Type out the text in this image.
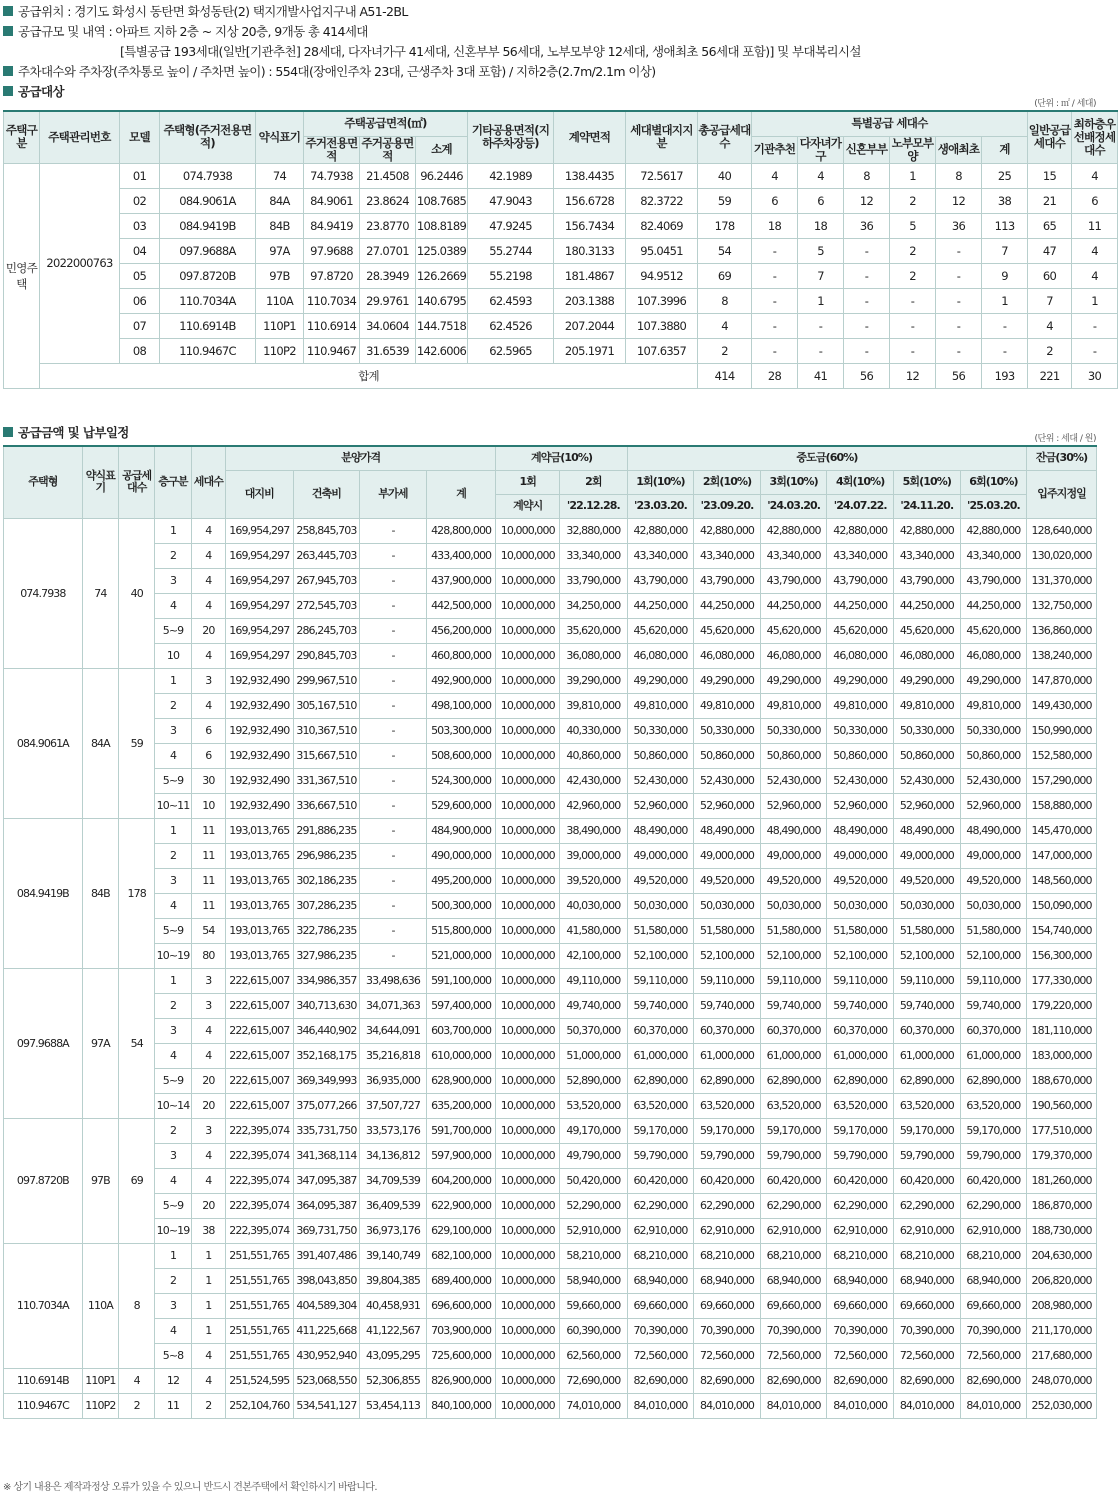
공급위치 : 경기도 화성시 동탄면 화성동탄(2) 택지개발사업지구내 A51-2BL
공급규모 및 내역 : 아파트 지하 2층 ~ 지상 20층, 9개동 총 414세대
[특별공급 193세대(일반[기관추천] 28세대, 다자녀가구 41세대, 신혼부부 56세대, 노부모부양 12세대, 생애최초 56세대 포함)] 및 부대복리시설
주차대수와 주차장(주차통로 높이 / 주차면 높이) : 554대(장애인주차 23대, 근생주차 3대 포함) / 지하2층(2.7m/2.1m 이상)
공급대상
(단위 : ㎡ / 세대)
주택구분	주택관리번호	모델	주택형(주거전용면적)	약식표기	주택공급면적(㎡)			기타공용면적(지하주차장등)	계약면적	세대별대지지분	총공급세대수	특별공급 세대수						일반공급세대수	최하층우선배정세대수
					주거전용면적	주거공용면적	소계					기관추천	다자녀가구	신혼부부	노부모부양	생애최초	계		
민영주택	2022000763	01	074.7938	74	74.7938	21.4508	96.2446	42.1989	138.4435	72.5617	40	4	4	8	1	8	25	15	4
		02	084.9061A	84A	84.9061	23.8624	108.7685	47.9043	156.6728	82.3722	59	6	6	12	2	12	38	21	6
		03	084.9419B	84B	84.9419	23.8770	108.8189	47.9245	156.7434	82.4069	178	18	18	36	5	36	113	65	11
		04	097.9688A	97A	97.9688	27.0701	125.0389	55.2744	180.3133	95.0451	54	-	5	-	2	-	7	47	4
		05	097.8720B	97B	97.8720	28.3949	126.2669	55.2198	181.4867	94.9512	69	-	7	-	2	-	9	60	4
		06	110.7034A	110A	110.7034	29.9761	140.6795	62.4593	203.1388	107.3996	8	-	1	-	-	-	1	7	1
		07	110.6914B	110P1	110.6914	34.0604	144.7518	62.4526	207.2044	107.3880	4	-	-	-	-	-	-	4	-
		08	110.9467C	110P2	110.9467	31.6539	142.6006	62.5965	205.1971	107.6357	2	-	-	-	-	-	-	2	-
	합계										414	28	41	56	12	56	193	221	30
공급금액 및 납부일정	(단위 : 세대 / 원)
주택형	약식표기	공급세대수	층구분	세대수	분양가격				계약금(10%)		중도금(60%)						잔금(30%)
					대지비	건축비	부가세	계	1회	2회	1회(10%)	2회(10%)	3회(10%)	4회(10%)	5회(10%)	6회(10%)	입주지정일
									계약시	'22.12.28.	'23.03.20.	'23.09.20.	'24.03.20.	'24.07.22.	'24.11.20.	'25.03.20.	
074.7938	74	40	1	4	169,954,297	258,845,703	-	428,800,000	10,000,000	32,880,000	42,880,000	42,880,000	42,880,000	42,880,000	42,880,000	42,880,000	128,640,000
			2	4	169,954,297	263,445,703	-	433,400,000	10,000,000	33,340,000	43,340,000	43,340,000	43,340,000	43,340,000	43,340,000	43,340,000	130,020,000
			3	4	169,954,297	267,945,703	-	437,900,000	10,000,000	33,790,000	43,790,000	43,790,000	43,790,000	43,790,000	43,790,000	43,790,000	131,370,000
			4	4	169,954,297	272,545,703	-	442,500,000	10,000,000	34,250,000	44,250,000	44,250,000	44,250,000	44,250,000	44,250,000	44,250,000	132,750,000
			5~9	20	169,954,297	286,245,703	-	456,200,000	10,000,000	35,620,000	45,620,000	45,620,000	45,620,000	45,620,000	45,620,000	45,620,000	136,860,000
			10	4	169,954,297	290,845,703	-	460,800,000	10,000,000	36,080,000	46,080,000	46,080,000	46,080,000	46,080,000	46,080,000	46,080,000	138,240,000
084.9061A	84A	59	1	3	192,932,490	299,967,510	-	492,900,000	10,000,000	39,290,000	49,290,000	49,290,000	49,290,000	49,290,000	49,290,000	49,290,000	147,870,000
			2	4	192,932,490	305,167,510	-	498,100,000	10,000,000	39,810,000	49,810,000	49,810,000	49,810,000	49,810,000	49,810,000	49,810,000	149,430,000
			3	6	192,932,490	310,367,510	-	503,300,000	10,000,000	40,330,000	50,330,000	50,330,000	50,330,000	50,330,000	50,330,000	50,330,000	150,990,000
			4	6	192,932,490	315,667,510	-	508,600,000	10,000,000	40,860,000	50,860,000	50,860,000	50,860,000	50,860,000	50,860,000	50,860,000	152,580,000
			5~9	30	192,932,490	331,367,510	-	524,300,000	10,000,000	42,430,000	52,430,000	52,430,000	52,430,000	52,430,000	52,430,000	52,430,000	157,290,000
			10~11	10	192,932,490	336,667,510	-	529,600,000	10,000,000	42,960,000	52,960,000	52,960,000	52,960,000	52,960,000	52,960,000	52,960,000	158,880,000
084.9419B	84B	178	1	11	193,013,765	291,886,235	-	484,900,000	10,000,000	38,490,000	48,490,000	48,490,000	48,490,000	48,490,000	48,490,000	48,490,000	145,470,000
			2	11	193,013,765	296,986,235	-	490,000,000	10,000,000	39,000,000	49,000,000	49,000,000	49,000,000	49,000,000	49,000,000	49,000,000	147,000,000
			3	11	193,013,765	302,186,235	-	495,200,000	10,000,000	39,520,000	49,520,000	49,520,000	49,520,000	49,520,000	49,520,000	49,520,000	148,560,000
			4	11	193,013,765	307,286,235	-	500,300,000	10,000,000	40,030,000	50,030,000	50,030,000	50,030,000	50,030,000	50,030,000	50,030,000	150,090,000
			5~9	54	193,013,765	322,786,235	-	515,800,000	10,000,000	41,580,000	51,580,000	51,580,000	51,580,000	51,580,000	51,580,000	51,580,000	154,740,000
			10~19	80	193,013,765	327,986,235	-	521,000,000	10,000,000	42,100,000	52,100,000	52,100,000	52,100,000	52,100,000	52,100,000	52,100,000	156,300,000
097.9688A	97A	54	1	3	222,615,007	334,986,357	33,498,636	591,100,000	10,000,000	49,110,000	59,110,000	59,110,000	59,110,000	59,110,000	59,110,000	59,110,000	177,330,000
			2	3	222,615,007	340,713,630	34,071,363	597,400,000	10,000,000	49,740,000	59,740,000	59,740,000	59,740,000	59,740,000	59,740,000	59,740,000	179,220,000
			3	4	222,615,007	346,440,902	34,644,091	603,700,000	10,000,000	50,370,000	60,370,000	60,370,000	60,370,000	60,370,000	60,370,000	60,370,000	181,110,000
			4	4	222,615,007	352,168,175	35,216,818	610,000,000	10,000,000	51,000,000	61,000,000	61,000,000	61,000,000	61,000,000	61,000,000	61,000,000	183,000,000
			5~9	20	222,615,007	369,349,993	36,935,000	628,900,000	10,000,000	52,890,000	62,890,000	62,890,000	62,890,000	62,890,000	62,890,000	62,890,000	188,670,000
			10~14	20	222,615,007	375,077,266	37,507,727	635,200,000	10,000,000	53,520,000	63,520,000	63,520,000	63,520,000	63,520,000	63,520,000	63,520,000	190,560,000
097.8720B	97B	69	2	3	222,395,074	335,731,750	33,573,176	591,700,000	10,000,000	49,170,000	59,170,000	59,170,000	59,170,000	59,170,000	59,170,000	59,170,000	177,510,000
			3	4	222,395,074	341,368,114	34,136,812	597,900,000	10,000,000	49,790,000	59,790,000	59,790,000	59,790,000	59,790,000	59,790,000	59,790,000	179,370,000
			4	4	222,395,074	347,095,387	34,709,539	604,200,000	10,000,000	50,420,000	60,420,000	60,420,000	60,420,000	60,420,000	60,420,000	60,420,000	181,260,000
			5~9	20	222,395,074	364,095,387	36,409,539	622,900,000	10,000,000	52,290,000	62,290,000	62,290,000	62,290,000	62,290,000	62,290,000	62,290,000	186,870,000
			10~19	38	222,395,074	369,731,750	36,973,176	629,100,000	10,000,000	52,910,000	62,910,000	62,910,000	62,910,000	62,910,000	62,910,000	62,910,000	188,730,000
110.7034A	110A	8	1	1	251,551,765	391,407,486	39,140,749	682,100,000	10,000,000	58,210,000	68,210,000	68,210,000	68,210,000	68,210,000	68,210,000	68,210,000	204,630,000
			2	1	251,551,765	398,043,850	39,804,385	689,400,000	10,000,000	58,940,000	68,940,000	68,940,000	68,940,000	68,940,000	68,940,000	68,940,000	206,820,000
			3	1	251,551,765	404,589,304	40,458,931	696,600,000	10,000,000	59,660,000	69,660,000	69,660,000	69,660,000	69,660,000	69,660,000	69,660,000	208,980,000
			4	1	251,551,765	411,225,668	41,122,567	703,900,000	10,000,000	60,390,000	70,390,000	70,390,000	70,390,000	70,390,000	70,390,000	70,390,000	211,170,000
			5~8	4	251,551,765	430,952,940	43,095,295	725,600,000	10,000,000	62,560,000	72,560,000	72,560,000	72,560,000	72,560,000	72,560,000	72,560,000	217,680,000
110.6914B	110P1	4	12	4	251,524,595	523,068,550	52,306,855	826,900,000	10,000,000	72,690,000	82,690,000	82,690,000	82,690,000	82,690,000	82,690,000	82,690,000	248,070,000
110.9467C	110P2	2	11	2	252,104,760	534,541,127	53,454,113	840,100,000	10,000,000	74,010,000	84,010,000	84,010,000	84,010,000	84,010,000	84,010,000	84,010,000	252,030,000
※ 상기 내용은 제작과정상 오류가 있을 수 있으니 반드시 견본주택에서 확인하시기 바랍니다.
